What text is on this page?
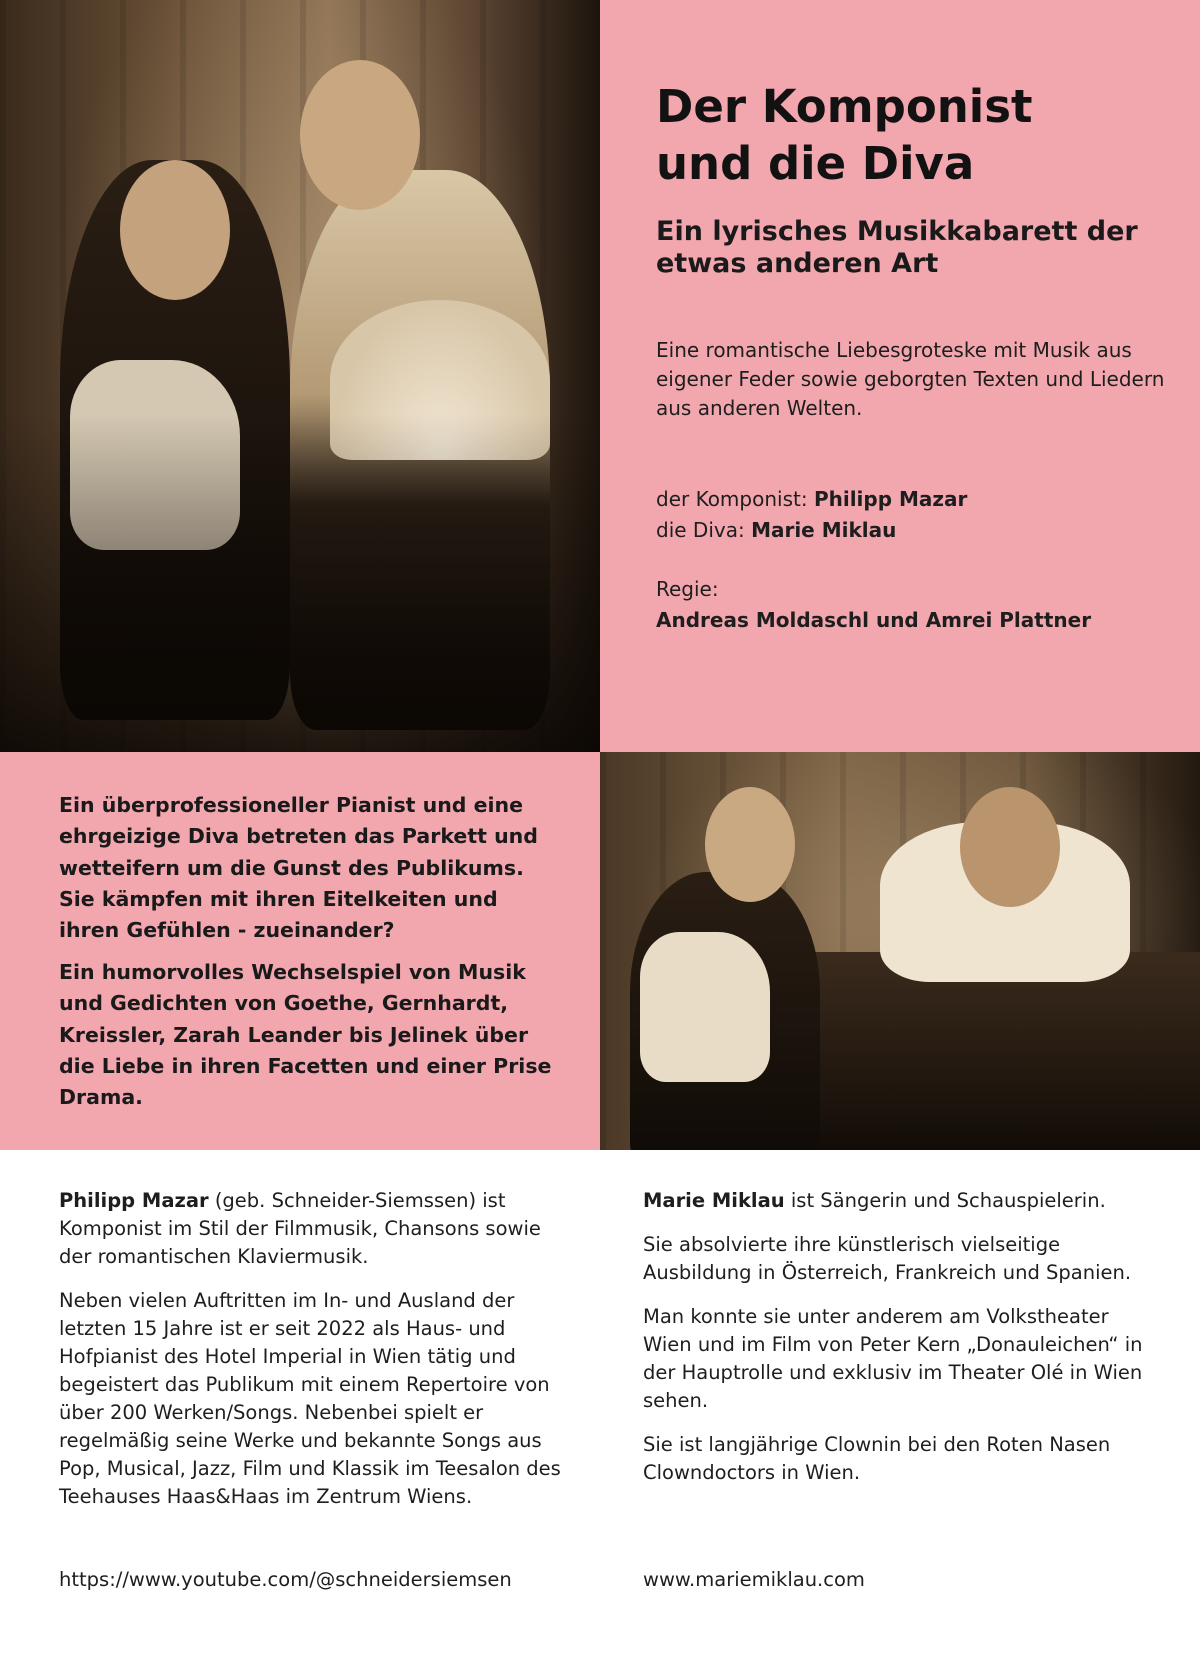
Der Komponist
und die Diva
Ein lyrisches Musikkabarett der etwas anderen Art

Eine romantische Liebesgroteske mit Musik aus eigener Feder sowie geborgten Texten und Liedern aus anderen Welten.

der Komponist: Philipp Mazar
die Diva: Marie Miklau
Regie:
Andreas Moldaschl und Amrei Plattner

Ein überprofessioneller Pianist und eine ehrgeizige Diva betreten das Parkett und wetteifern um die Gunst des Publikums. Sie kämpfen mit ihren Eitelkeiten und ihren Gefühlen - zueinander?

Ein humorvolles Wechselspiel von Musik und Gedichten von Goethe, Gernhardt, Kreissler, Zarah Leander bis Jelinek über die Liebe in ihren Facetten und einer Prise Drama.

Philipp Mazar (geb. Schneider-Siemssen) ist Komponist im Stil der Filmmusik, Chansons sowie der romantischen Klaviermusik.

Neben vielen Auftritten im In- und Ausland der letzten 15 Jahre ist er seit 2022 als Haus- und Hofpianist des Hotel Imperial in Wien tätig und begeistert das Publikum mit einem Repertoire von über 200 Werken/Songs. Nebenbei spielt er regelmäßig seine Werke und bekannte Songs aus Pop, Musical, Jazz, Film und Klassik im Teesalon des Teehauses Haas&Haas im Zentrum Wiens.

https://www.youtube.com/@schneidersiemsen

Marie Miklau ist Sängerin und Schauspielerin.

Sie absolvierte ihre künstlerisch vielseitige Ausbildung in Österreich, Frankreich und Spanien.

Man konnte sie unter anderem am Volkstheater Wien und im Film von Peter Kern „Donauleichen“ in der Hauptrolle und exklusiv im Theater Olé in Wien sehen.

Sie ist langjährige Clownin bei den Roten Nasen Clowndoctors in Wien.

www.mariemiklau.com
